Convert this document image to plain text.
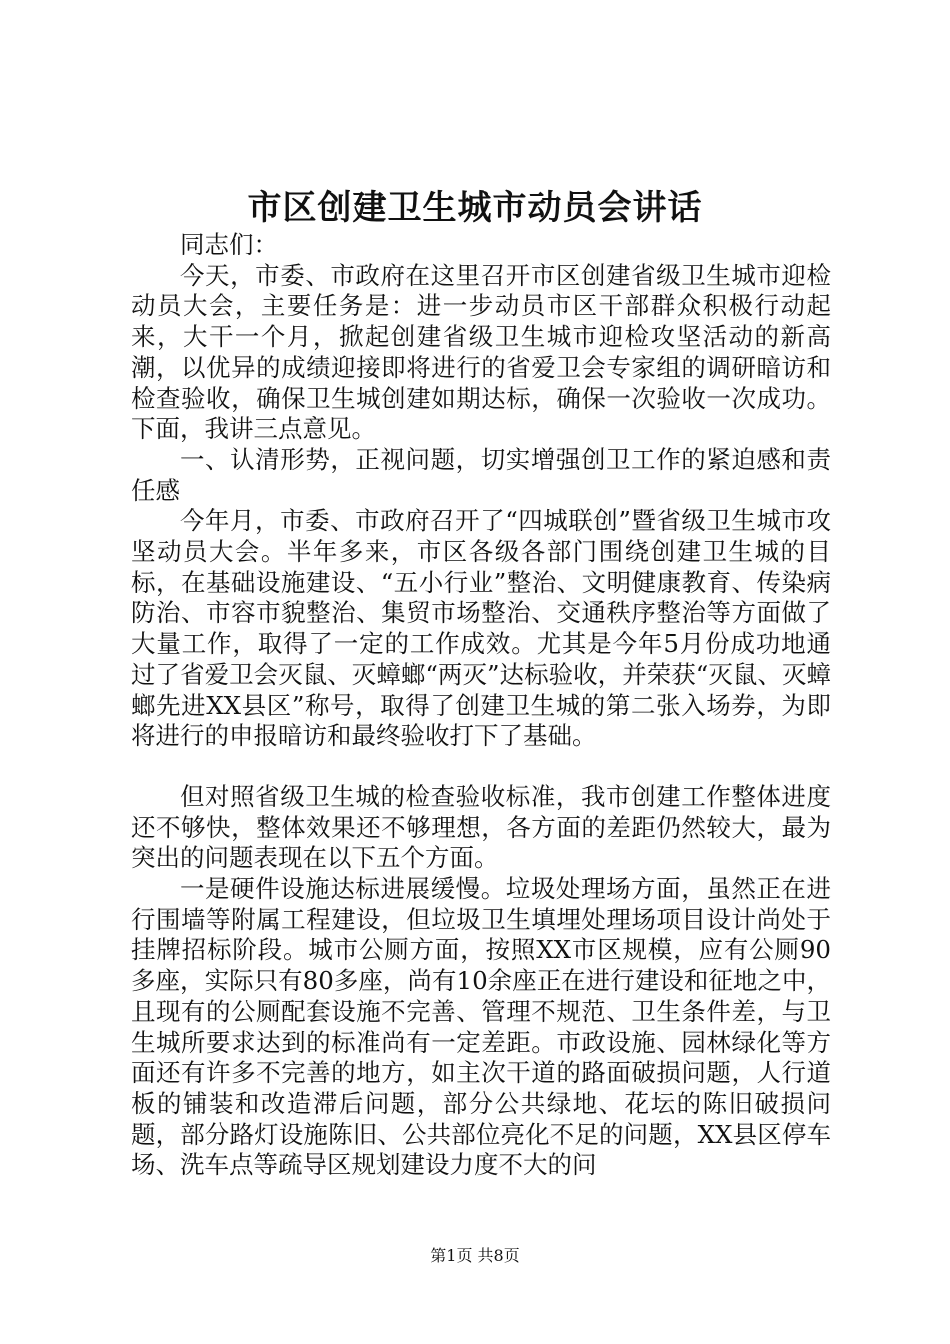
市区创建卫生城市动员会讲话

同志们：

今天，市委、市政府在这里召开市区创建省级卫生城市迎检动员大会，主要任务是：进一步动员市区干部群众积极行动起来，大干一个月，掀起创建省级卫生城市迎检攻坚活动的新高潮，以优异的成绩迎接即将进行的省爱卫会专家组的调研暗访和检查验收，确保卫生城创建如期达标，确保一次验收一次成功。下面，我讲三点意见。

一、认清形势，正视问题，切实增强创卫工作的紧迫感和责任感

今年月，市委、市政府召开了“四城联创”暨省级卫生城市攻坚动员大会。半年多来，市区各级各部门围绕创建卫生城的目标，在基础设施建设、“五小行业”整治、文明健康教育、传染病防治、市容市貌整治、集贸市场整治、交通秩序整治等方面做了大量工作，取得了一定的工作成效。尤其是今年5月份成功地通过了省爱卫会灭鼠、灭蟑螂“两灭”达标验收，并荣获“灭鼠、灭蟑螂先进XX县区”称号，取得了创建卫生城的第二张入场券，为即将进行的申报暗访和最终验收打下了基础。

但对照省级卫生城的检查验收标准，我市创建工作整体进度还不够快，整体效果还不够理想，各方面的差距仍然较大，最为突出的问题表现在以下五个方面。

一是硬件设施达标进展缓慢。垃圾处理场方面，虽然正在进行围墙等附属工程建设，但垃圾卫生填埋处理场项目设计尚处于挂牌招标阶段。城市公厕方面，按照XX市区规模，应有公厕90多座，实际只有80多座，尚有10余座正在进行建设和征地之中，且现有的公厕配套设施不完善、管理不规范、卫生条件差，与卫生城所要求达到的标准尚有一定差距。市政设施、园林绿化等方面还有许多不完善的地方，如主次干道的路面破损问题，人行道板的铺装和改造滞后问题，部分公共绿地、花坛的陈旧破损问题，部分路灯设施陈旧、公共部位亮化不足的问题，XX县区停车场、洗车点等疏导区规划建设力度不大的问

第1页 共8页
